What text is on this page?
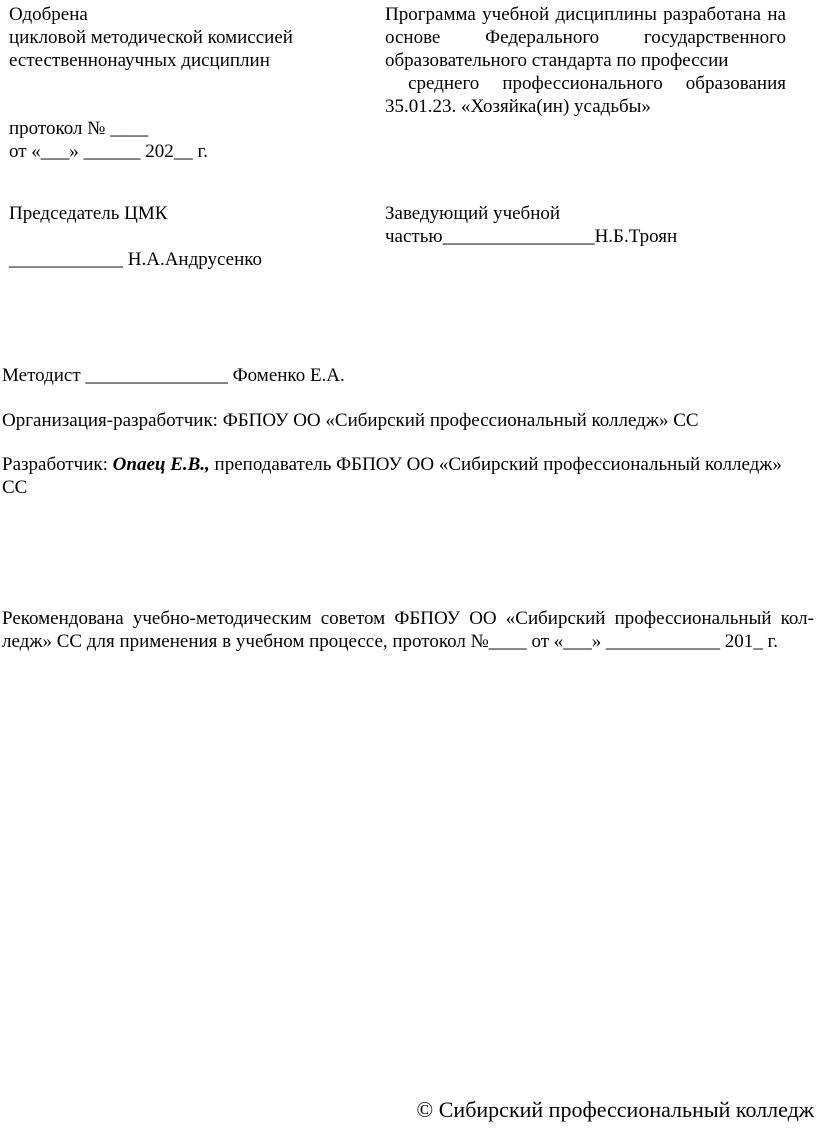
Одобрена
цикловой методической комиссией
естественнонаучных дисциплин
протокол № ____
от «___» ______ 202__ г.
Председатель ЦМК
____________ Н.А.Андрусенко
Программа учебной дисциплины разработана на
основе Федерального государственного
образовательного стандарта по профессии
среднего профессионального образования
35.01.23. «Хозяйка(ин) усадьбы»
Заведующий учебной
частью________________Н.Б.Троян
Методист _______________ Фоменко Е.А.
Организация-разработчик: ФБПОУ ОО «Сибирский профессиональный колледж» СС
Разработчик: Опаец Е.В., преподаватель ФБПОУ ОО «Сибирский профессиональный колледж» СС
Рекомендована учебно-методическим советом ФБПОУ ОО «Сибирский профессиональный кол-
ледж» СС для применения в учебном процессе, протокол №____ от «___» ____________ 201_ г.
© Сибирский профессиональный колледж
